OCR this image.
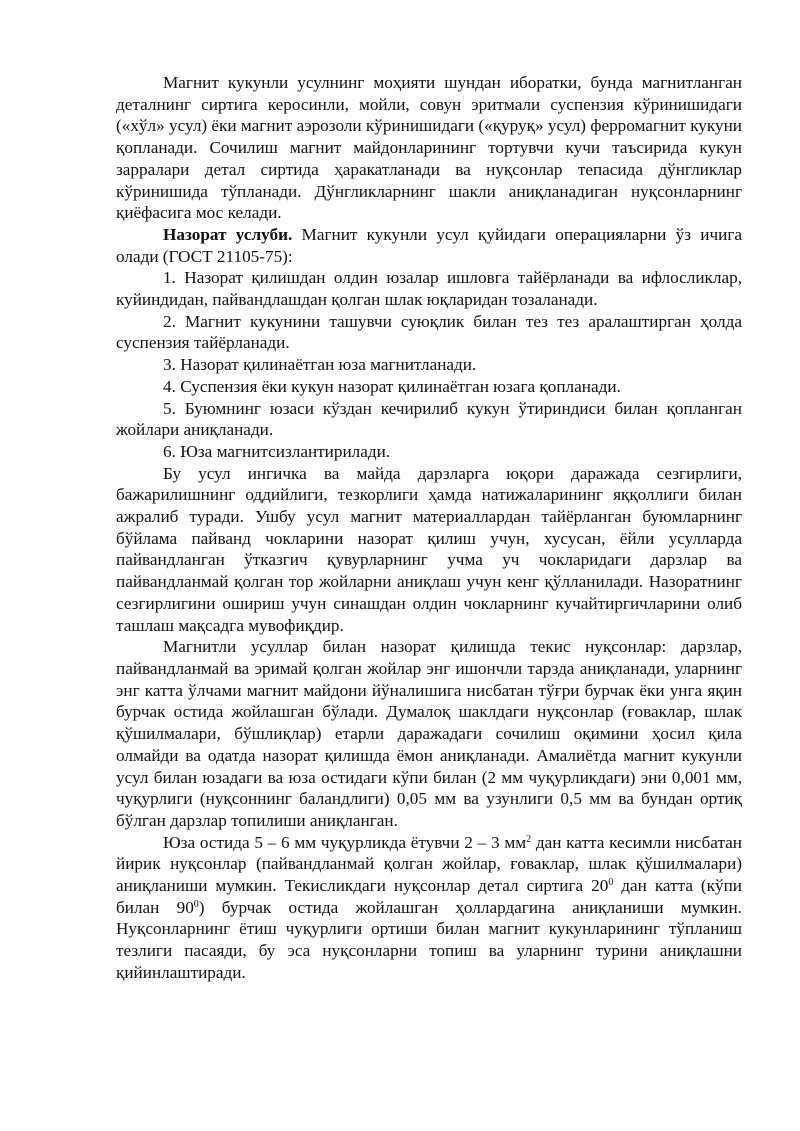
Магнит кукунли усулнинг моҳияти шундан иборатки, бунда магнитланган деталнинг сиртига керосинли, мойли, совун эритмали суспензия кўринишидаги («хўл» усул) ёки магнит аэрозоли кўринишидаги («қуруқ» усул) ферромагнит кукуни қопланади. Сочилиш магнит майдонларининг тортувчи кучи таъсирида кукун зарралари детал сиртида ҳаракатланади ва нуқсонлар тепасида дўнгликлар кўринишида тўпланади. Дўнгликларнинг шакли аниқланадиган нуқсонларнинг қиёфасига мос келади.

Назорат услуби. Магнит кукунли усул қуйидаги операцияларни ўз ичига олади (ГОСТ 21105-75):

1. Назорат қилишдан олдин юзалар ишловга тайёрланади ва ифлосликлар, куйиндидан, пайвандлашдан қолган шлак юқларидан тозаланади.

2. Магнит кукунини ташувчи суюқлик билан тез тез аралаштирган ҳолда суспензия тайёрланади.

3. Назорат қилинаётган юза магнитланади.

4. Суспензия ёки кукун назорат қилинаётган юзага қопланади.

5. Буюмнинг юзаси кўздан кечирилиб кукун ўтириндиси билан қопланган жойлари аниқланади.

6. Юза магнитсизлантирилади.

Бу усул ингичка ва майда дарзларга юқори даражада сезгирлиги, бажарилишнинг оддийлиги, тезкорлиги ҳамда натижаларининг яққоллиги билан ажралиб туради. Ушбу усул магнит материаллардан тайёрланган буюмларнинг бўйлама пайванд чокларини назорат қилиш учун, хусусан, ёйли усулларда пайвандланган ўтказгич қувурларнинг учма уч чокларидаги дарзлар ва пайвандланмай қолган тор жойларни аниқлаш учун кенг қўлланилади. Назоратнинг сезгирлигини ошириш учун синашдан олдин чокларнинг кучайтиргичларини олиб ташлаш мақсадга мувофиқдир.

Магнитли усуллар билан назорат қилишда текис нуқсонлар: дарзлар, пайвандланмай ва эримай қолган жойлар энг ишончли тарзда аниқланади, уларнинг энг катта ўлчами магнит майдони йўналишига нисбатан тўғри бурчак ёки унга яқин бурчак остида жойлашган бўлади. Думалоқ шаклдаги нуқсонлар (ғоваклар, шлак қўшилмалари, бўшлиқлар) етарли даражадаги сочилиш оқимини ҳосил қила олмайди ва одатда назорат қилишда ёмон аниқланади. Амалиётда магнит кукунли усул билан юзадаги ва юза остидаги кўпи билан (2 мм чуқурликдаги) эни 0,001 мм, чуқурлиги (нуқсоннинг баландлиги) 0,05 мм ва узунлиги 0,5 мм ва бундан ортиқ бўлган дарзлар топилиши аниқланган.

Юза остида 5 – 6 мм чуқурликда ётувчи 2 – 3 $мм^2$ дан катта кесимли нисбатан йирик нуқсонлар (пайвандланмай қолган жойлар, ғоваклар, шлак қўшилмалари) аниқланиши мумкин. Текисликдаги нуқсонлар детал сиртига $20^0$ дан катта (кўпи билан $90^0$) бурчак остида жойлашган ҳоллардагина аниқланиши мумкин. Нуқсонларнинг ётиш чуқурлиги ортиши билан магнит кукунларининг тўпланиш тезлиги пасаяди, бу эса нуқсонларни топиш ва уларнинг турини аниқлашни қийинлаштиради.
